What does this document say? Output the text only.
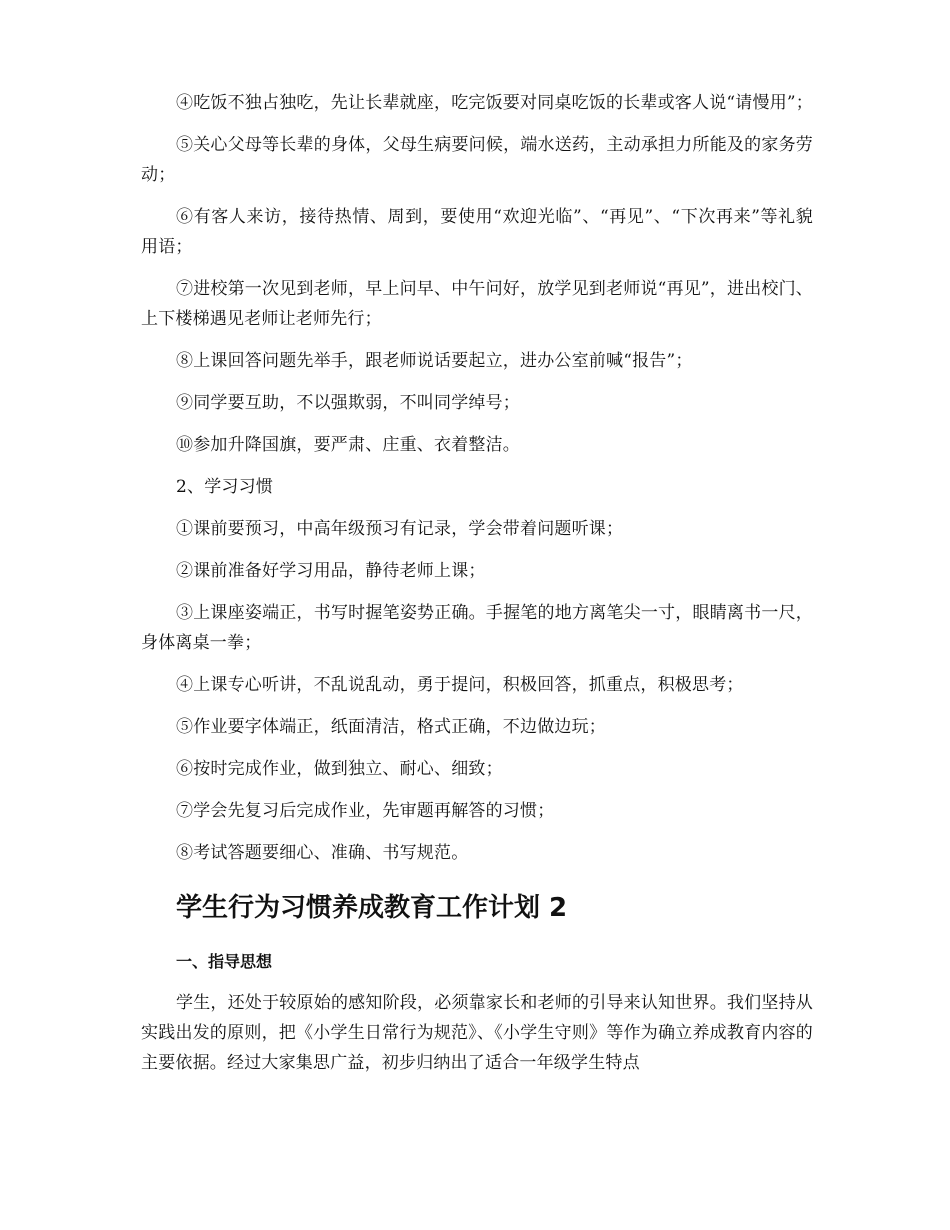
④吃饭不独占独吃，先让长辈就座，吃完饭要对同桌吃饭的长辈或客人说“请慢用”；

⑤关心父母等长辈的身体，父母生病要问候，端水送药，主动承担力所能及的家务劳动；

⑥有客人来访，接待热情、周到，要使用“欢迎光临”、“再见”、“下次再来”等礼貌用语；

⑦进校第一次见到老师，早上问早、中午问好，放学见到老师说“再见”，进出校门、上下楼梯遇见老师让老师先行；

⑧上课回答问题先举手，跟老师说话要起立，进办公室前喊“报告”；

⑨同学要互助，不以强欺弱，不叫同学绰号；

⑩参加升降国旗，要严肃、庄重、衣着整洁。

2、学习习惯

①课前要预习，中高年级预习有记录，学会带着问题听课；

②课前准备好学习用品，静待老师上课；

③上课座姿端正，书写时握笔姿势正确。手握笔的地方离笔尖一寸，眼睛离书一尺，身体离桌一拳；

④上课专心听讲，不乱说乱动，勇于提问，积极回答，抓重点，积极思考；

⑤作业要字体端正，纸面清洁，格式正确，不边做边玩；

⑥按时完成作业，做到独立、耐心、细致；

⑦学会先复习后完成作业，先审题再解答的习惯；

⑧考试答题要细心、准确、书写规范。

学生行为习惯养成教育工作计划 2
一、指导思想

学生，还处于较原始的感知阶段，必须靠家长和老师的引导来认知世界。我们坚持从实践出发的原则，把《小学生日常行为规范》、《小学生守则》等作为确立养成教育内容的主要依据。经过大家集思广益，初步归纳出了适合一年级学生特点
